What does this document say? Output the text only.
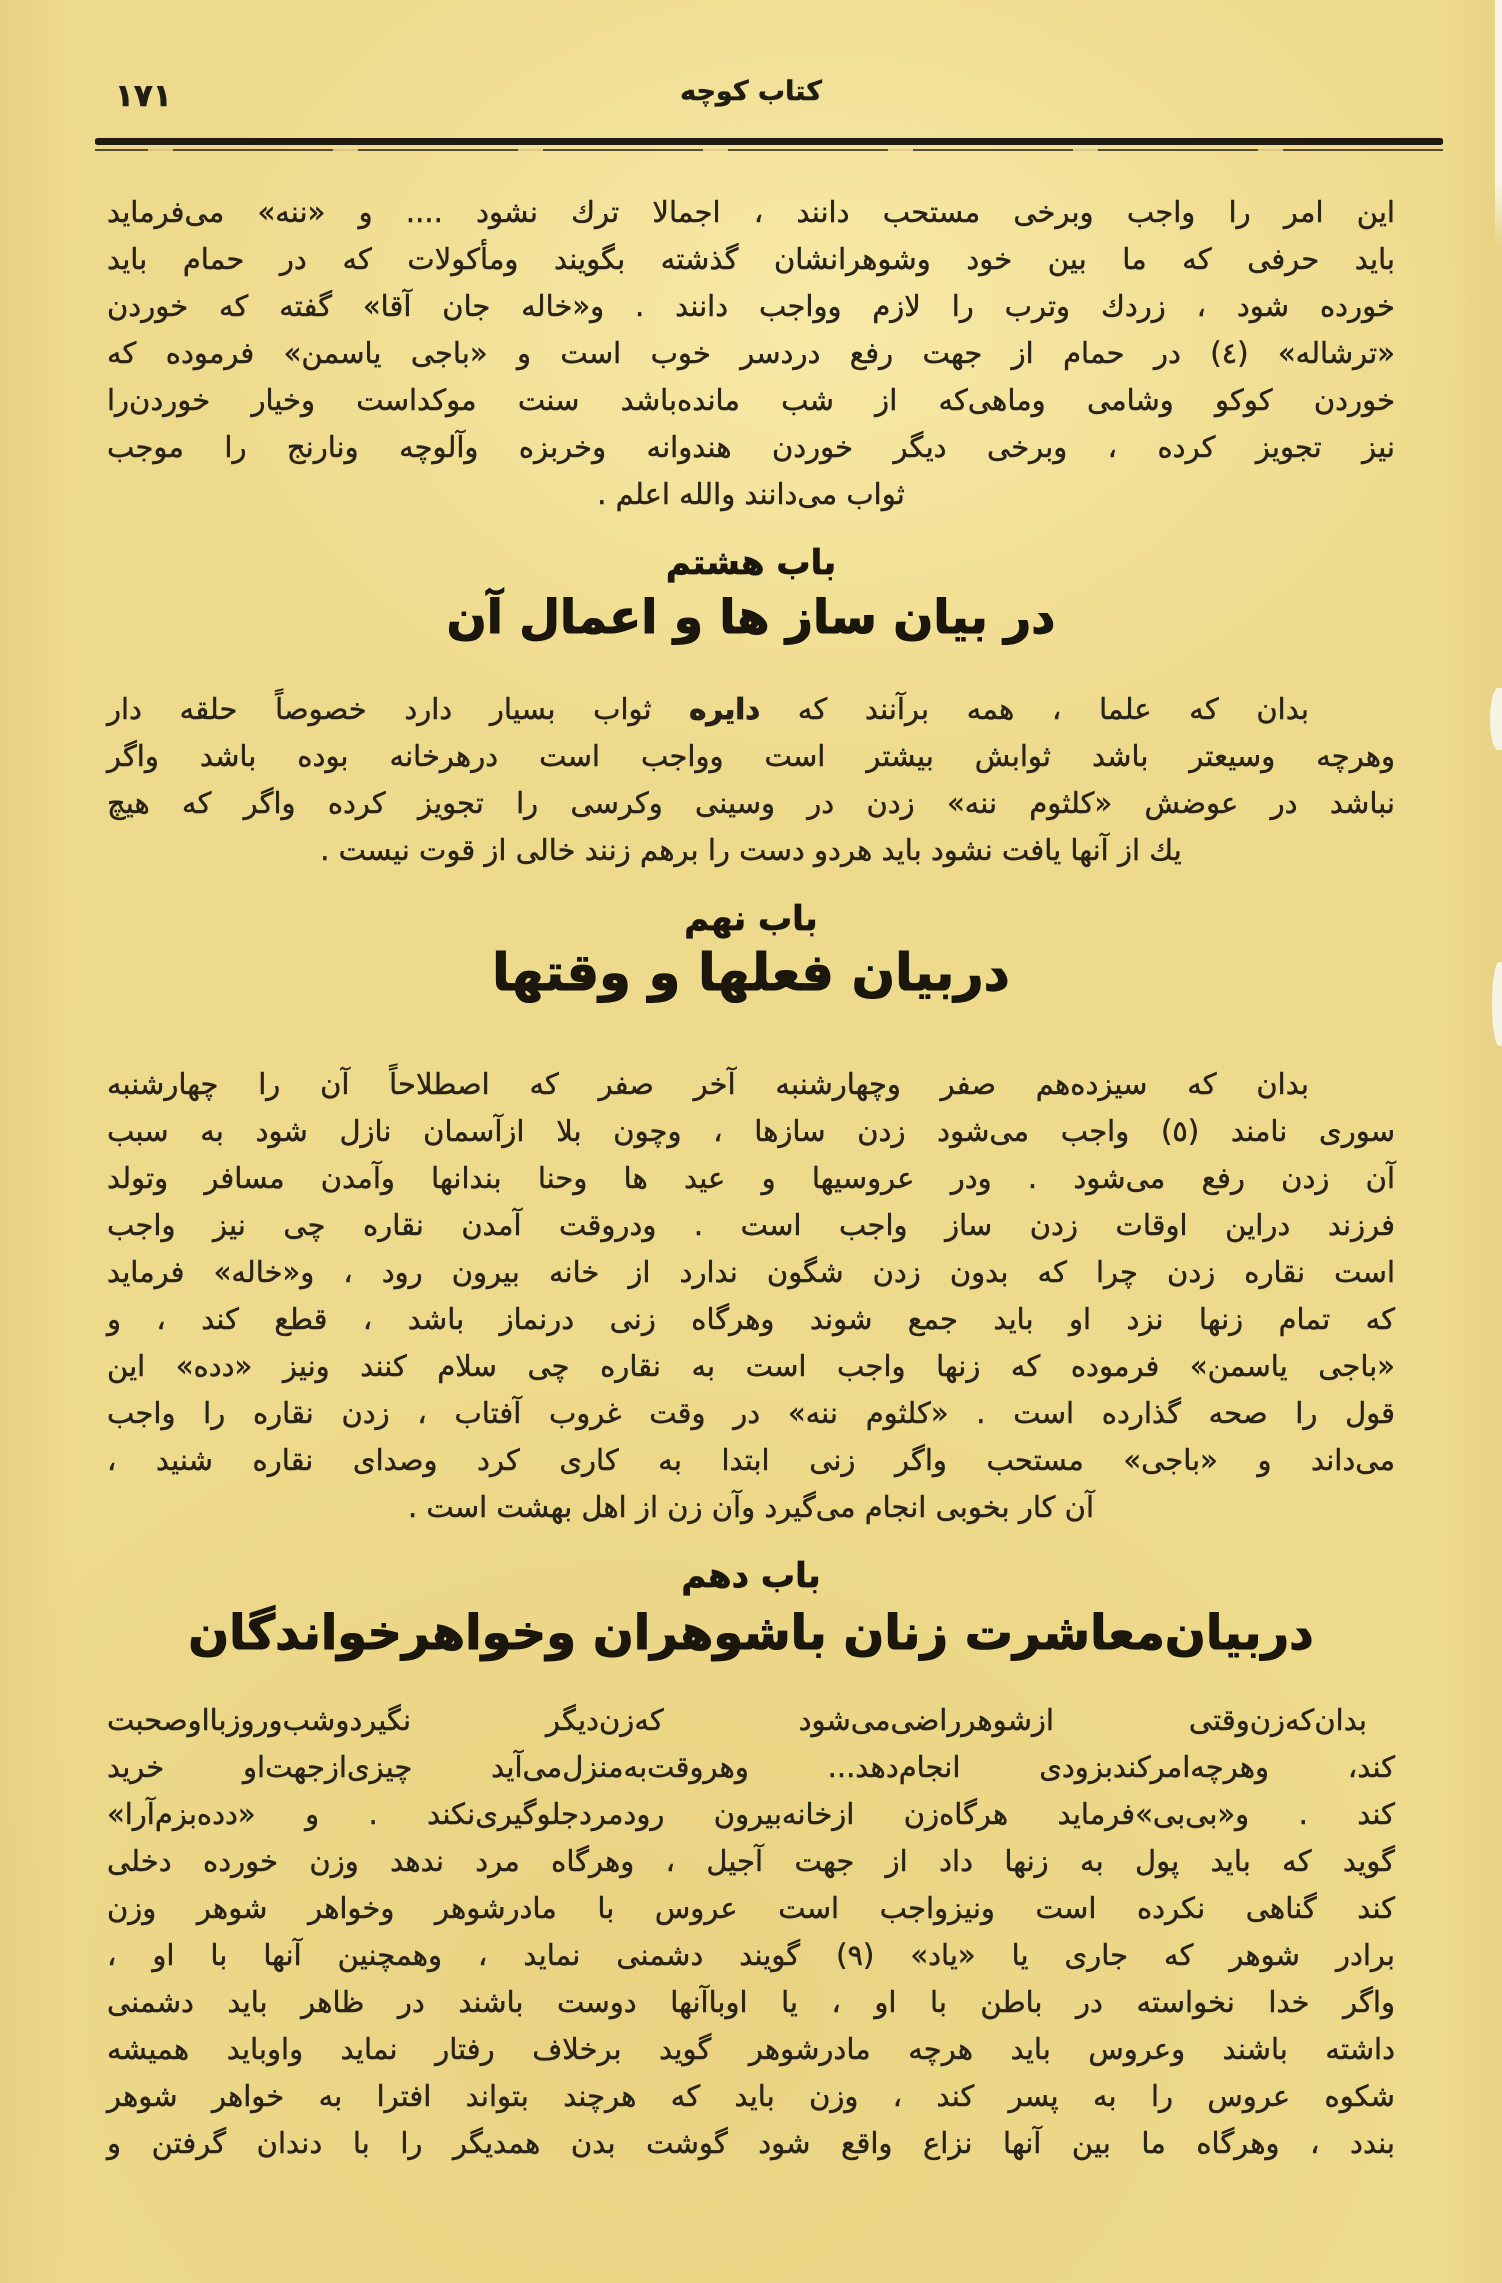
۱۷۱	کتاب کوچه

این امر را واجب وبرخی مستحب دانند ، اجمالا ترك نشود .... و «ننه» می‌فرماید

باید حرفی که ما بین خود وشوهرانشان گذشته بگویند ومأکولات که در حمام باید

خورده شود ، زردك وترب را لازم وواجب دانند . و«خاله جان آقا» گفته که خوردن

«ترشاله» (٤) در حمام از جهت رفع دردسر خوب است و «باجی یاسمن» فرموده که

خوردن کوکو وشامی وماهی‌که از شب مانده‌باشد سنت موکداست وخیار خوردن‌را

نیز تجویز کرده ، وبرخی دیگر خوردن هندوانه وخربزه وآلوچه ونارنج را موجب

ثواب می‌دانند والله اعلم .

باب هشتم
در بیان ساز ها و اعمال آن

بدان که علما ، همه برآنند که دایره ثواب بسیار دارد خصوصاً حلقه دار

وهرچه وسیعتر باشد ثوابش بیشتر است وواجب است درهرخانه بوده باشد واگر

نباشد در عوضش «کلثوم ننه» زدن در وسینی وکرسی را تجویز کرده واگر که هیچ

یك از آنها یافت نشود باید هردو دست را برهم زنند خالی از قوت نیست .

باب نهم
دربیان فعلها و وقتها

بدان که سیزده‌هم صفر وچهارشنبه آخر صفر که اصطلاحاً آن را چهارشنبه

سوری نامند (٥) واجب می‌شود زدن سازها ، وچون بلا ازآسمان نازل شود به سبب

آن زدن رفع می‌شود . ودر عروسیها و عید ها وحنا بندانها وآمدن مسافر وتولد

فرزند دراین اوقات زدن ساز واجب است . ودروقت آمدن نقاره چی نیز واجب

است نقاره زدن چرا که بدون زدن شگون ندارد از خانه بیرون رود ، و«خاله» فرماید

که تمام زنها نزد او باید جمع شوند وهرگاه زنی درنماز باشد ، قطع کند ، و

«باجی یاسمن» فرموده که زنها واجب است به نقاره چی سلام کنند ونیز «دده» این

قول را صحه گذارده است . «کلثوم ننه» در وقت غروب آفتاب ، زدن نقاره را واجب

می‌داند و «باجی» مستحب واگر زنی ابتدا به کاری کرد وصدای نقاره شنید ،

آن کار بخوبی انجام می‌گیرد وآن زن از اهل بهشت است .

باب دهم
دربیان‌معاشرت زنان باشوهران وخواهرخواندگان

بدان‌که‌زن‌وقتی ازشوهرراضی‌می‌شود که‌زن‌دیگر نگیردوشب‌وروزبااوصحبت

کند، وهرچه‌امرکندبزودی انجام‌دهد... وهروقت‌به‌منزل‌می‌آید چیزی‌ازجهت‌او خرید

کند . و«بی‌بی»فرماید هرگاه‌زن ازخانه‌بیرون رودمردجلوگیری‌نکند . و «دده‌بزم‌آرا»

گوید که باید پول به زنها داد از جهت آجیل ، وهرگاه مرد ندهد وزن خورده دخلی

کند گناهی نکرده است ونیزواجب است عروس با مادرشوهر وخواهر شوهر وزن

برادر شوهر که جاری یا «یاد» (٩) گویند دشمنی نماید ، وهمچنین آنها با او ،

واگر خدا نخواسته در باطن با او ، یا اوباآنها دوست باشند در ظاهر باید دشمنی

داشته باشند وعروس باید هرچه مادرشوهر گوید برخلاف رفتار نماید واوباید همیشه

شکوه عروس را به پسر کند ، وزن باید که هرچند بتواند افترا به خواهر شوهر

بندد ، وهرگاه ما بین آنها نزاع واقع شود گوشت بدن همدیگر را با دندان گرفتن و
